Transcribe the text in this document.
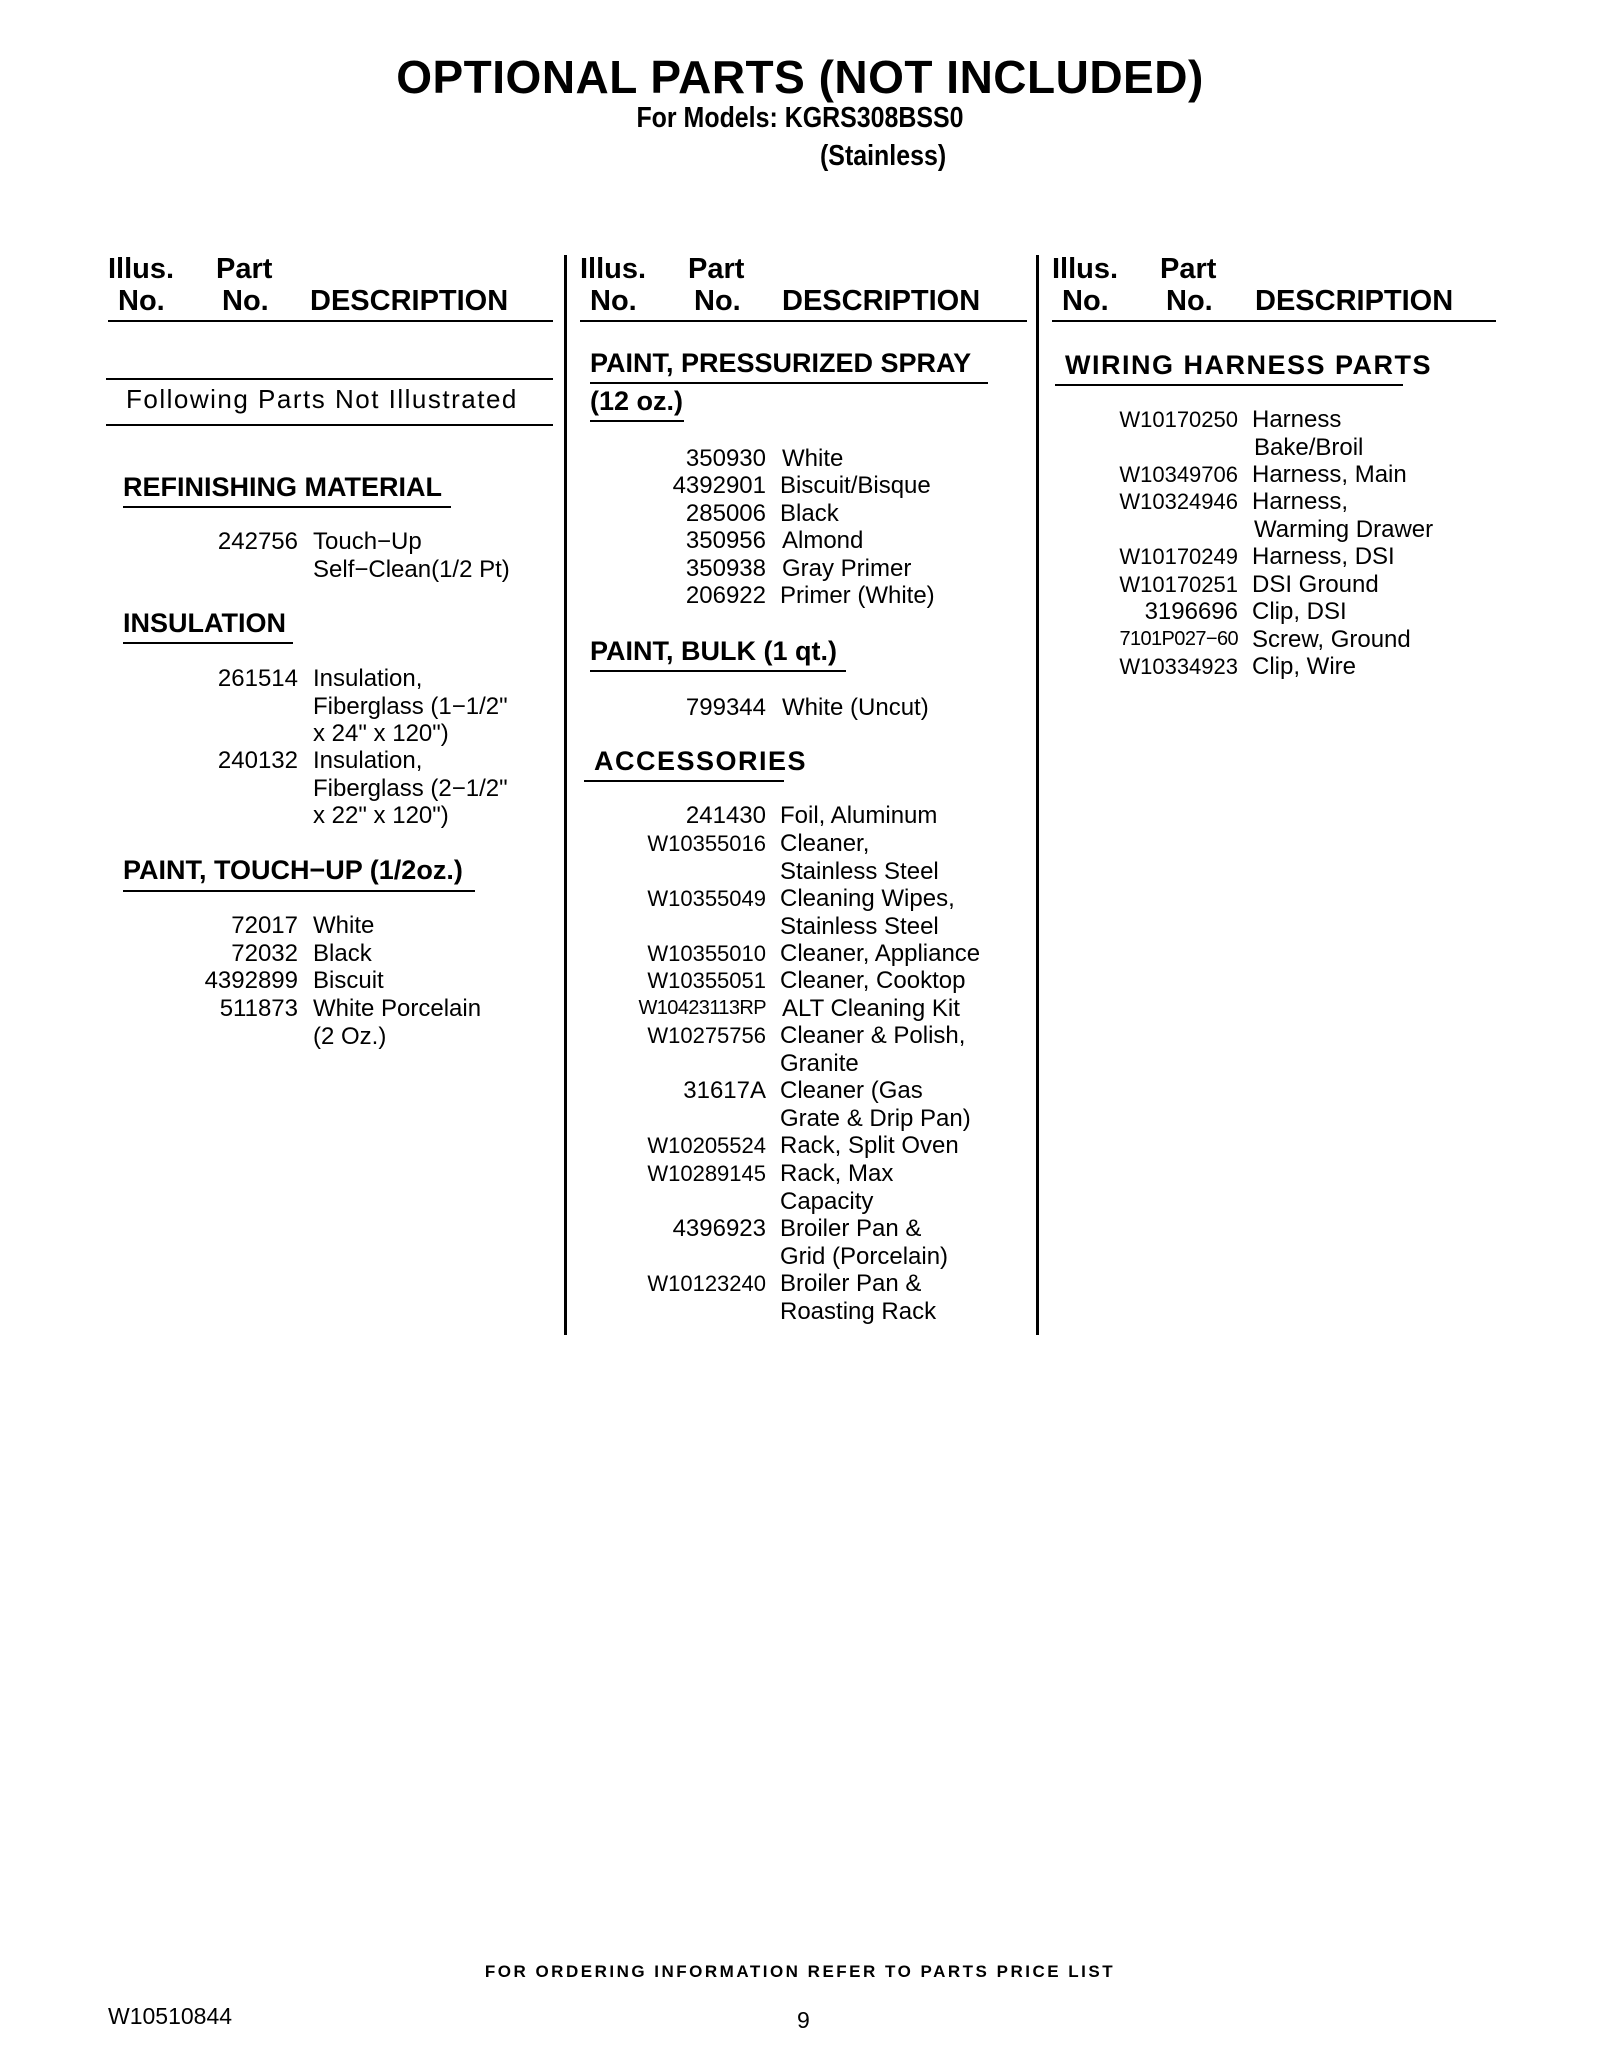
OPTIONAL PARTS (NOT INCLUDED)
For Models: KGRS308BSS0
(Stainless)
Illus.
No.
Part
No. DESCRIPTION
Illus.
No.
Part
No. DESCRIPTION
Illus.
No.
Part
No. DESCRIPTION
Following Parts Not Illustrated
REFINISHING MATERIAL
242756 Touch−Up
Self−Clean(1/2 Pt)
INSULATION
261514 Insulation,
Fiberglass (1−1/2"
x 24" x 120")
240132 Insulation,
Fiberglass (2−1/2"
x 22" x 120")
PAINT, TOUCH−UP (1/2oz.)
72017 White
72032 Black
4392899 Biscuit
511873 White Porcelain
(2 Oz.)
PAINT, PRESSURIZED SPRAY
(12 oz.)
350930 White
4392901 Biscuit/Bisque
285006 Black
350956 Almond
350938 Gray Primer
206922 Primer (White)
PAINT, BULK (1 qt.)
799344 White (Uncut)
ACCESSORIES
241430 Foil, Aluminum
W10355016 Cleaner,
Stainless Steel
W10355049 Cleaning Wipes,
Stainless Steel
W10355010 Cleaner, Appliance
W10355051 Cleaner, Cooktop
W10423113RP ALT Cleaning Kit
W10275756 Cleaner & Polish,
Granite
31617A Cleaner (Gas
Grate & Drip Pan)
W10205524 Rack, Split Oven
W10289145 Rack, Max
Capacity
4396923 Broiler Pan &
Grid (Porcelain)
W10123240 Broiler Pan &
Roasting Rack
WIRING HARNESS PARTS
W10170250 Harness
Bake/Broil
W10349706 Harness, Main
W10324946 Harness,
Warming Drawer
W10170249 Harness, DSI
W10170251 DSI Ground
3196696 Clip, DSI
7101P027−60 Screw, Ground
W10334923 Clip, Wire
FOR ORDERING INFORMATION REFER TO PARTS PRICE LIST
W10510844	9
